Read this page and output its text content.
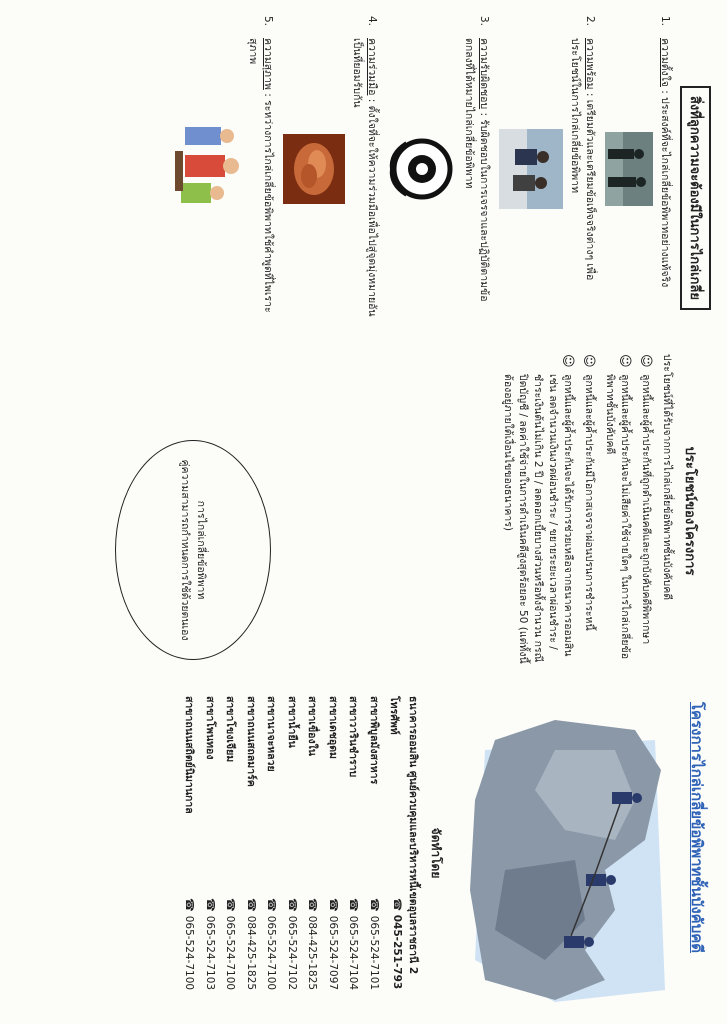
สิ่งที่ลูกความจะต้องมีในการไกล่เกลี่ย
1.
ความตั้งใจ : ประสงค์ที่จะไกล่เกลี่ยข้อพิพาทอย่างแท้จริง
2.
ความพร้อม : เตรียมตัวและเตรียมข้อเท็จจริงต่างๆ เพื่อประโยชน์ในการไกล่เกลี่ยข้อพิพาท
3.
ความรับผิดชอบ : รับผิดชอบในการเจรจาและปฏิบัติตามข้อตกลงที่ได้หมายไกล่เกลี่ยข้อพิพาท
4.
ความร่วมมือ : ตั้งใจที่จะให้ความร่วมมือเพื่อไปสู่จุดมุ่งหมายอันเป็นที่ยอมรับกัน
5.
ความสุภาพ : ระหว่างการไกล่เกลี่ยข้อพิพาทใช้คำพูดที่ไพเราะสุภาพ
ประโยชน์ของโครงการ
ประโยชน์ที่ได้รับจากการไกล่เกลี่ยข้อพิพาทชั้นบังคับคดี
☺
ลูกหนี้และผู้ค้ำประกันที่ถูกดำเนินคดีและถูกบังคับคดีพิพากษา
☺
ลูกหนี้และผู้ค้ำประกันจะไม่เสียค่าใช้จ่ายใดๆ ในการไกล่เกลี่ยข้อพิพาทชั้นบังคับคดี
☺
ลูกหนี้และผู้ค้ำประกันมีโอกาสเจรจาผ่อนปรนการชำระหนี้
☺
ลูกหนี้และผู้ค้ำประกันจะได้รับการช่วยเหลือจากธนาคารออมสิน เช่น ลดจำนวนเงินงวดผ่อนชำระ / ขยายระยะเวลาผ่อนชำระ / ชำระเงินต้นไม่เกิน 2 ปี / ลดดอกเบี้ยบางส่วนหรือทั้งจำนวน กรณีปิดบัญชี / ลดค่าใช้จ่ายในการดำเนินคดีสูงสุดร้อยละ 50 (แต่ทั้งนี้ต้องอยู่ภายใต้เงื่อนไขของธนาคาร)
การไกล่เกลี่ยข้อพิพาท
คู่ความสามารถกำหนดการใช้ด้วยตนเอง
โครงการไกล่เกลี่ยข้อพิพาทชั้นบังคับคดี
จัดทำโดย
ธนาคารออมสิน ศูนย์ควบคุมและบริหารหนี้เขตอุบลราชธานี 2
โทรศัพท์
☎ 045-251-793
สาขาพิบูลมังสาหาร
☎065-524-7101
สาขาวารินชำราบ
☎065-524-7104
สาขาเดชอุดม
☎065-524-7097
สาขาเขื่องใน
☎084-425-1825
สาขาน้ำยืน
☎065-524-7102
สาขานาจะหลวย
☎065-524-7100
สาขาถนนสถลมาร์ค
☎084-425-1825
สาขาโขงเจียม
☎065-524-7100
สาขาโพนทอง
☎065-524-7103
สาขาถนนสถิตย์นิมานกาล
☎065-524-7100
